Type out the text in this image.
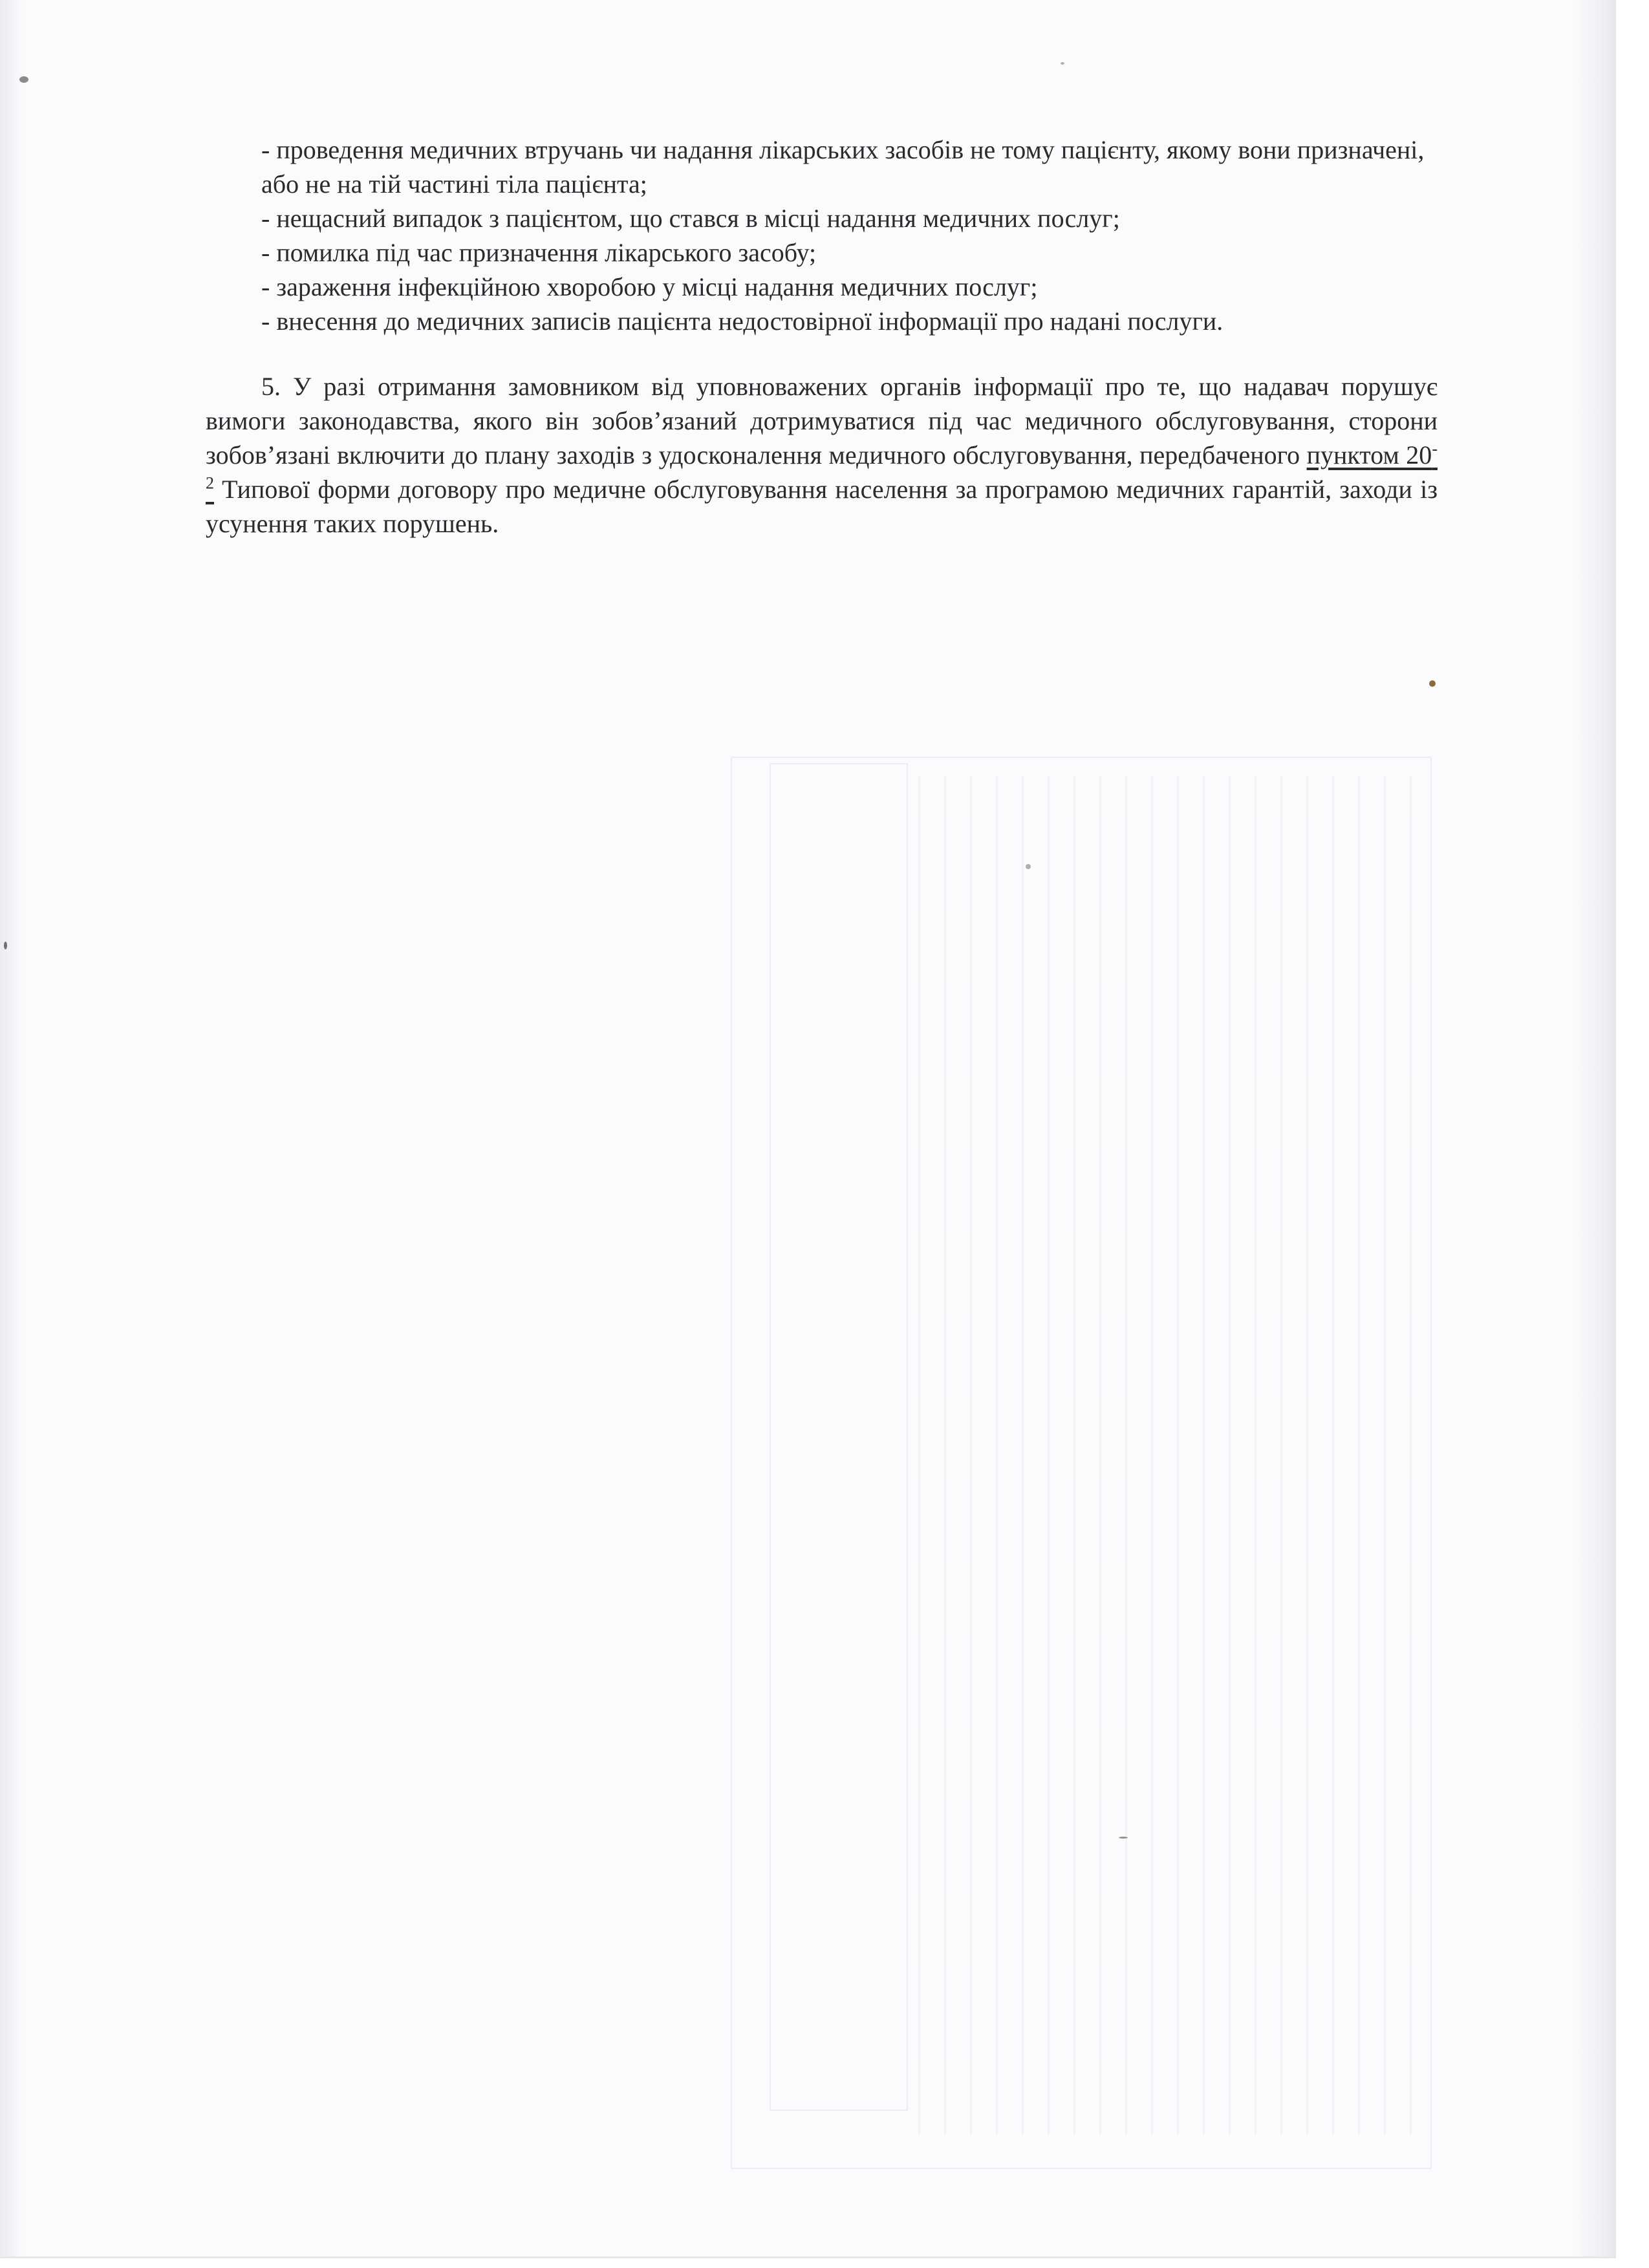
- проведення медичних втручань чи надання лікарських засобів не тому пацієнту, якому вони призначені,
або не на тій частині тіла пацієнта;
- нещасний випадок з пацієнтом, що стався в місці надання медичних послуг;
- помилка під час призначення лікарського засобу;
- зараження інфекційною хворобою у місці надання медичних послуг;
- внесення до медичних записів пацієнта недостовірної інформації про надані послуги.
5. У разі отримання замовником від уповноважених органів інформації про те, що надавач порушує вимоги законодавства, якого він зобов’язаний дотримуватися під час медичного обслуговування, сторони зобов’язані включити до плану заходів з удосконалення медичного обслуговування, передбаченого пунктом $20^{-2}$ Типової форми договору про медичне обслуговування населення за програмою медичних гарантій, заходи із усунення таких порушень.
